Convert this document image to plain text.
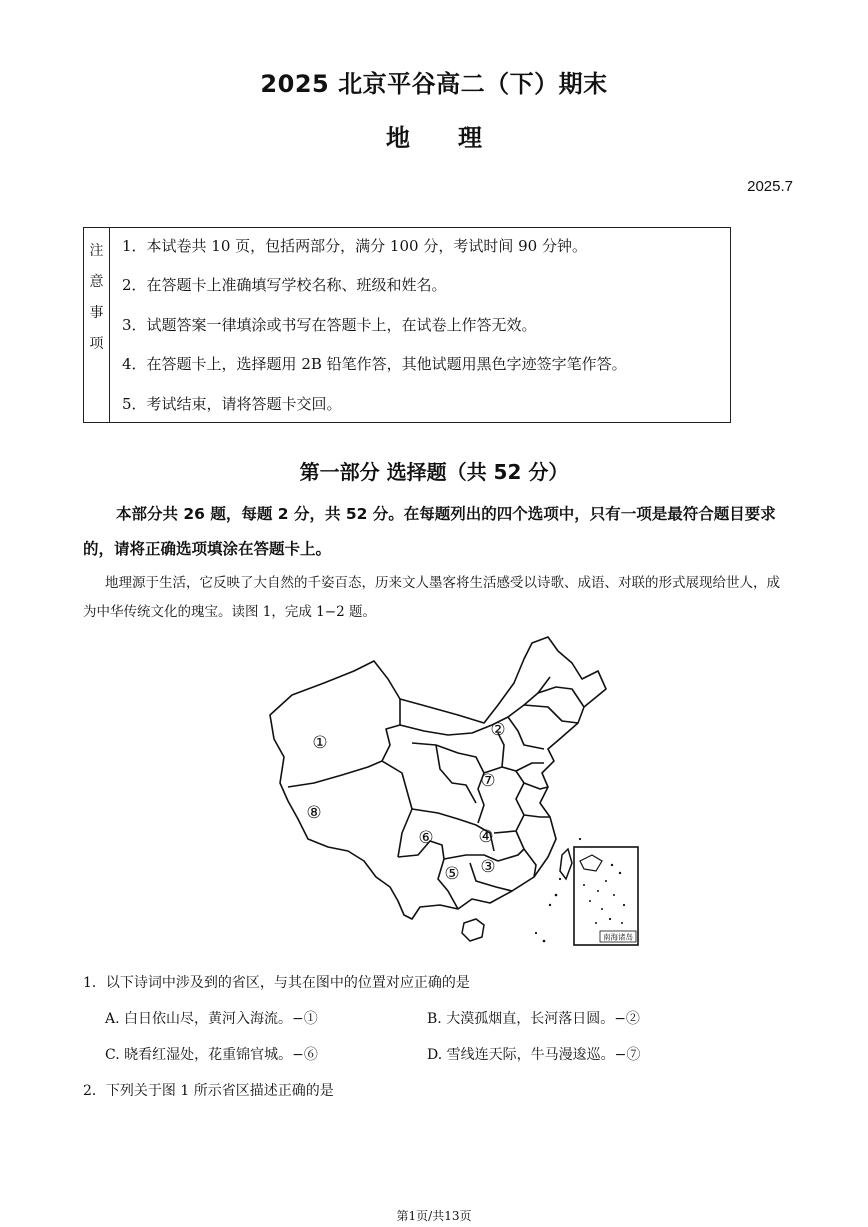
2025 北京平谷高二（下）期末
地理
2025.7
注
意
事
项
1．本试卷共 10 页，包括两部分，满分 100 分，考试时间 90 分钟。
2．在答题卡上准确填写学校名称、班级和姓名。
3．试题答案一律填涂或书写在答题卡上，在试卷上作答无效。
4．在答题卡上，选择题用 2B 铅笔作答，其他试题用黑色字迹签字笔作答。
5．考试结束，请将答题卡交回。
第一部分 选择题（共 52 分）
本部分共 26 题，每题 2 分，共 52 分。在每题列出的四个选项中，只有一项是最符合题目要求的，请将正确选项填涂在答题卡上。
地理源于生活，它反映了大自然的千姿百态，历来文人墨客将生活感受以诗歌、成语、对联的形式展现给世人，成为中华传统文化的瑰宝。读图 1，完成 1−2 题。
南海诸岛
①
②
③
④
⑤
⑥
⑦
⑧
1．以下诗词中涉及到的省区，与其在图中的位置对应正确的是
A. 白日依山尽，黄河入海流。−①	B. 大漠孤烟直，长河落日圆。−②
C. 晓看红湿处，花重锦官城。−⑥	D. 雪线连天际，牛马漫逡巡。−⑦
2．下列关于图 1 所示省区描述正确的是
第1页/共13页
